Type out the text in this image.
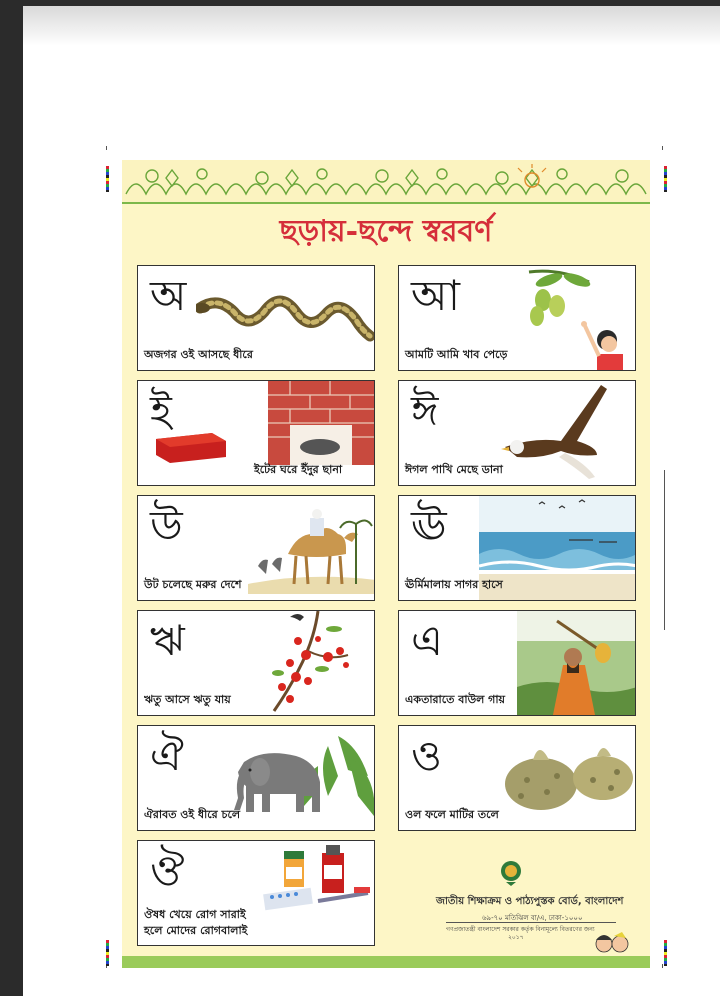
ছড়ায়-ছন্দে স্বরবর্ণ
অ
অজগর ওই আসছে ধীরে
আ
আমটি আমি খাব পেড়ে
ই
ইটের ঘরে ইঁদুর ছানা
ঈ
ঈগল পাখি মেছে ডানা
উ
উট চলেছে মরুর দেশে
ঊ
ঊর্মিমালায় সাগর হাসে
ঋ
ঋতু আসে ঋতু যায়
এ
একতারাতে বাউল গায়
ঐ
ঐরাবত ওই ধীরে চলে
ও
ওল ফলে মাটির তলে
ঔ
ঔষধ খেয়ে রোগ সারাই
হলে মোদের রোগবালাই
জাতীয় শিক্ষাক্রম ও পাঠ্যপুস্তক বোর্ড, বাংলাদেশ
৬৯-৭০ মতিঝিল বা/এ, ঢাকা-১০০০
গণপ্রজাতন্ত্রী বাংলাদেশ সরকার কর্তৃক বিনামূল্যে বিতরণের জন্য
২০১৭
